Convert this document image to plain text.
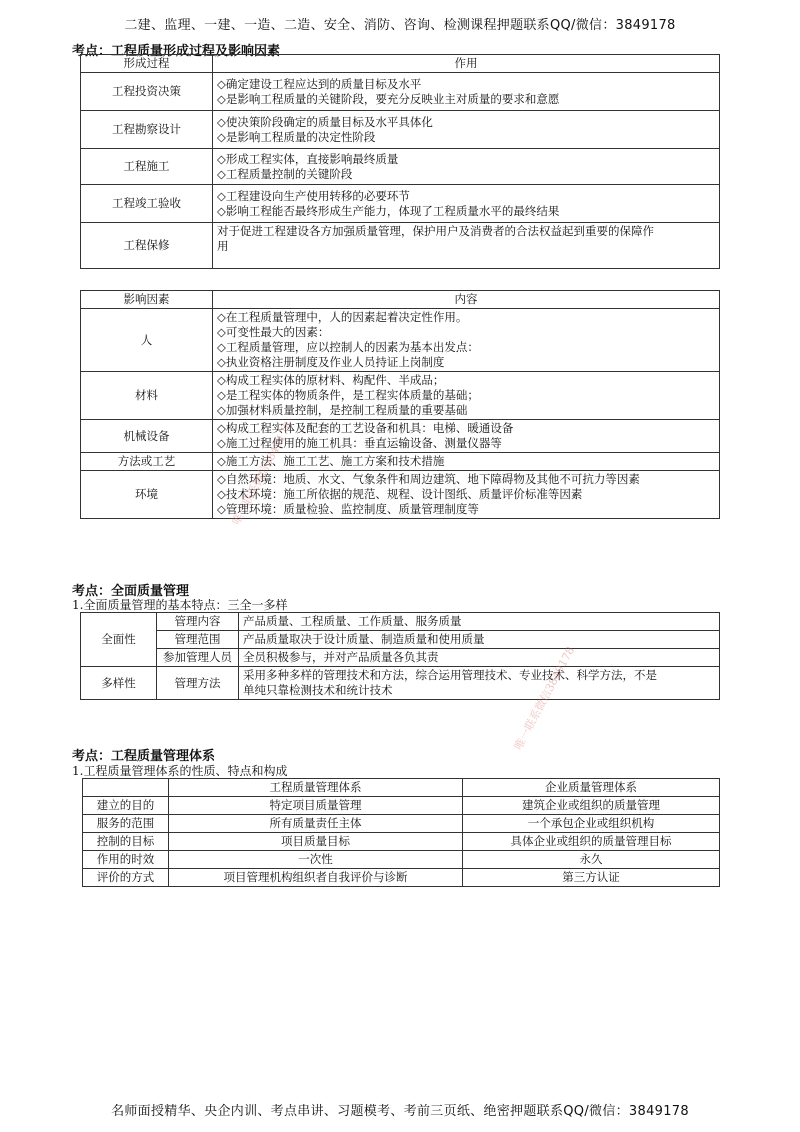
二建、监理、一建、一造、二造、安全、消防、咨询、检测课程押题联系QQ/微信：3849178
考点：工程质量形成过程及影响因素
形成过程	作用
工程投资决策	◇确定建设工程应达到的质量目标及水平
◇是影响工程质量的关键阶段，要充分反映业主对质量的要求和意愿

工程勘察设计	◇使决策阶段确定的质量目标及水平具体化
◇是影响工程质量的决定性阶段

工程施工	◇形成工程实体，直接影响最终质量
◇工程质量控制的关键阶段

工程竣工验收	◇工程建设向生产使用转移的必要环节
◇影响工程能否最终形成生产能力，体现了工程质量水平的最终结果

工程保修	对于促进工程建设各方加强质量管理，保护用户及消费者的合法权益起到重要的保障作
用
影响因素	内容
人	◇在工程质量管理中，人的因素起着决定性作用。
◇可变性最大的因素：
◇工程质量管理，应以控制人的因素为基本出发点：
◇执业资格注册制度及作业人员持证上岗制度

材料	◇构成工程实体的原材料、构配件、半成品；
◇是工程实体的物质条件，是工程实体质量的基础；
◇加强材料质量控制，是控制工程质量的重要基础

机械设备	◇构成工程实体及配套的工艺设备和机具：电梯、暖通设备
◇施工过程使用的施工机具：垂直运输设备、测量仪器等

方法或工艺	◇施工方法、施工工艺、施工方案和技术措施

环境	◇自然环境：地质、水文、气象条件和周边建筑、地下障碍物及其他不可抗力等因素
◇技术环境：施工所依据的规范、规程、设计图纸、质量评价标准等因素
◇管理环境：质量检验、监控制度、质量管理制度等
考点：全面质量管理
1.全面质量管理的基本特点：三全一多样
全面性	管理内容	产品质量、工程质量、工作质量、服务质量
	管理范围	产品质量取决于设计质量、制造质量和使用质量
	参加管理人员	全员积极参与，并对产品质量各负其责
多样性	管理方法	采用多种多样的管理技术和方法，综合运用管理技术、专业技术、科学方法，不是
单纯只靠检测技术和统计技术
考点：工程质量管理体系
1.工程质量管理体系的性质、特点和构成
	工程质量管理体系	企业质量管理体系
建立的目的	特定项目质量管理	建筑企业或组织的质量管理
服务的范围	所有质量责任主体	一个承包企业或组织机构
控制的目标	项目质量目标	具体企业或组织的质量管理目标
作用的时效	一次性	永久
评价的方式	项目管理机构组织者自我评价与诊断	第三方认证
唯一联系微信3849178
唯一联系微信3849178
名师面授精华、央企内训、考点串讲、习题模考、考前三页纸、绝密押题联系QQ/微信：3849178
